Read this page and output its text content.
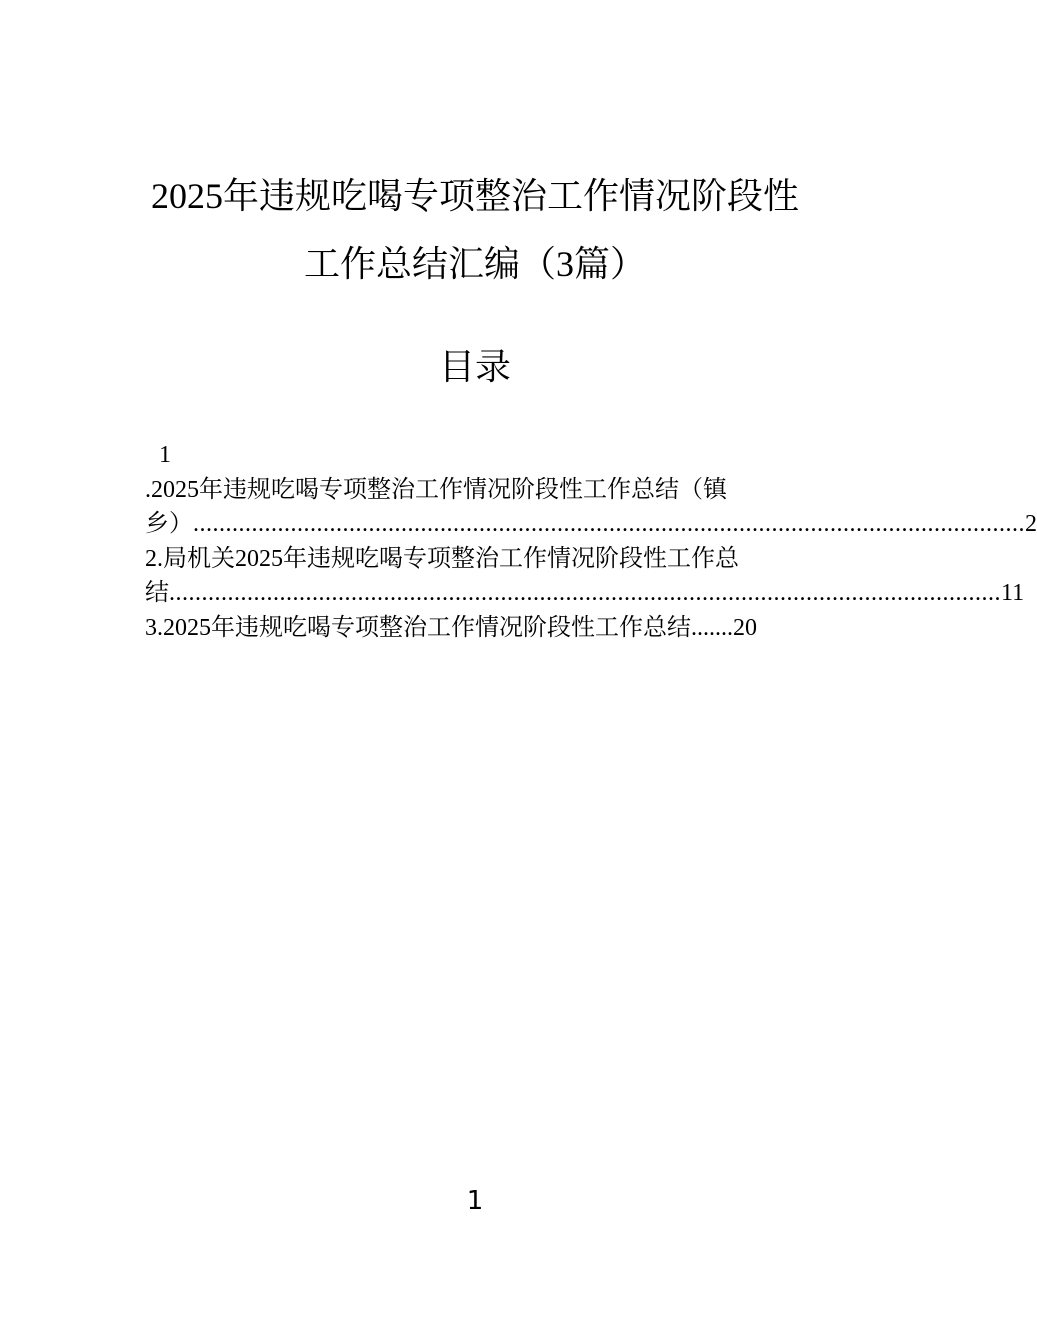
2025年违规吃喝专项整治工作情况阶段性
工作总结汇编（3篇）
目录
1
.2025年违规吃喝专项整治工作情况阶段性工作总结（镇
乡） ................................................................................................................................ 2
2.局机关2025年违规吃喝专项整治工作情况阶段性工作总
结 ................................................................................................................................ 11
3.2025年违规吃喝专项整治工作情况阶段性工作总结 ....... 20
1
